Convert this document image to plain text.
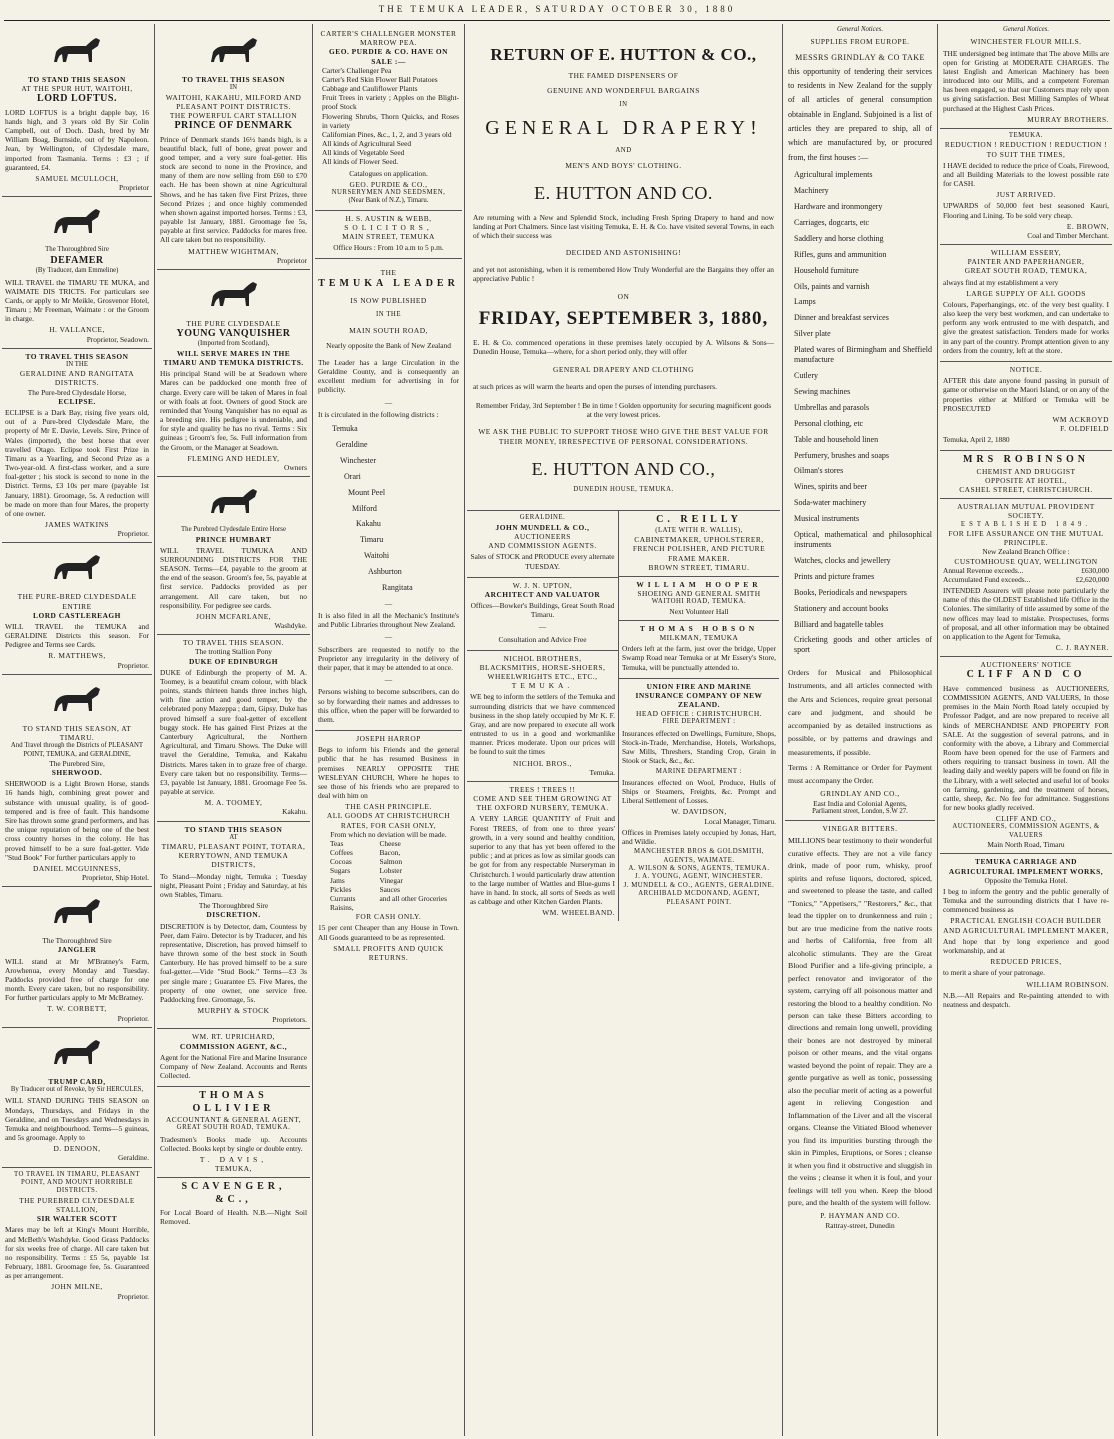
THE TEMUKA LEADER, SATURDAY OCTOBER 30, 1880
TO STAND THIS SEASON
AT THE SPUR HUT, WAITOHI,
LORD LOFTUS.
LORD LOFTUS is a bright dapple bay, 16 hands high, and 3 years old By Sir Colin Campbell, out of Doch. Dash, bred by Mr William Boag, Burnside, out of by Napoleon. Jean, by Wellington, of Clydesdale mare, imported from Tasmania. Terms : £3 ; if guaranteed, £4.
SAMUEL MCULLOCH,
Proprietor
The Thoroughbred Sire
DEFAMER
(By Traducer, dam Emmeline)
WILL TRAVEL the TIMARU TE MUKA, and WAIMATE DIS TRICTS. For particulars see Cards, or apply to Mr Meikle, Grosvenor Hotel, Timaru ; Mr Freeman, Waimate : or the Groom in charge.
H. VALLANCE,
Proprietor, Seadown.
TO TRAVEL THIS SEASON
IN THE
GERALDINE AND RANGITATA DISTRICTS.
The Pure-bred Clydesdale Horse,
ECLIPSE.
ECLIPSE is a Dark Bay, rising five years old, out of a Pure-bred Clydesdale Mare, the property of Mr E. Davie, Levels. Sire, Prince of Wales (imported), the best horse that ever travelled Otago. Eclipse took First Prize in Timaru as a Yearling, and Second Prize as a Two-year-old. A first-class worker, and a sure foal-getter ; his stock is second to none in the District. Terms, £3 10s per mare (payable 1st January, 1881). Groomage, 5s. A reduction will be made on more than four Mares, the property of one owner.
JAMES WATKINS
Proprietor.
THE PURE-BRED CLYDESDALE ENTIRE
LORD CASTLEREAGH
WILL TRAVEL the TEMUKA and GERALDINE Districts this season. For Pedigree and Terms see Cards.
R. MATTHEWS,
Proprietor.
TO STAND THIS SEASON, AT TIMARU.
And Travel through the Districts of PLEASANT POINT, TEMUKA, and GERALDINE,
The Purebred Sire,
SHERWOOD.
SHERWOOD is a Light Brown Horse, stands 16 hands high, combining great power and substance with unusual quality, is of good-tempered and is free of fault. This handsome Sire has thrown some grand performers, and has the unique reputation of being one of the best cross country horses in the colony. He has proved himself to be a sure foal-getter. Vide "Stud Book" For further particulars apply to
DANIEL MCGUINNESS,
Proprietor, Ship Hotel.
The Thoroughbred Sire
JANGLER
WILL stand at Mr M'Bratney's Farm, Arowhenua, every Monday and Tuesday. Paddocks provided free of charge for one month. Every care taken, but no responsibility. For further particulars apply to Mr McBratney.
T. W. CORBETT,
Proprietor.
TRUMP CARD,
By Traducer out of Revoke, by Sir HERCULES,
WILL STAND DURING THIS SEASON on Mondays, Thursdays, and Fridays in the Geraldine, and on Tuesdays and Wednesdays in Temuka and neighbourhood. Terms—5 guineas, and 5s groomage. Apply to
D. DENOON,
Geraldine.
TO TRAVEL IN TIMARU, PLEASANT POINT, AND MOUNT HORRIBLE DISTRICTS.
THE PUREBRED CLYDESDALE STALLION,
SIR WALTER SCOTT
Mares may be left at King's Mount Horrible, and McBeth's Washdyke. Good Grass Paddocks for six weeks free of charge. All care taken but no responsibility. Terms : £5 5s, payable 1st February, 1881. Groomage fee, 5s. Guaranteed as per arrangement.
JOHN MILNE,
Proprietor.
TO TRAVEL THIS SEASON
IN
WAITOHI, KAKAHU, MILFORD AND PLEASANT POINT DISTRICTS.
THE POWERFUL CART STALLION
PRINCE OF DENMARK
Prince of Denmark stands 16½ hands high, is a beautiful black, full of bone, great power and good temper, and a very sure foal-getter. His stock are second to none in the Province, and many of them are now selling from £60 to £70 each. He has been shown at nine Agricultural Shows, and he has taken five First Prizes, three Second Prizes ; and once highly commended when shown against imported horses. Terms : £3, payable 1st January, 1881. Groomage fee 5s, payable at first service. Paddocks for mares free. All care taken but no responsibility.
MATTHEW WIGHTMAN,
Proprietor
THE PURE CLYDESDALE
YOUNG VANQUISHER
(Imported from Scotland),
WILL SERVE MARES IN THE TIMARU AND TEMUKA DISTRICTS.
His principal Stand will be at Seadown where Mares can be paddocked one month free of charge. Every care will be taken of Mares in foal or with foals at foot. Owners of good Stock are reminded that Young Vanquisher has no equal as a breeding sire. His pedigree is undeniable, and for style and quality he has no rival. Terms : Six guineas ; Groom's fee, 5s. Full information from the Groom, or the Manager at Seadown.
FLEMING AND HEDLEY,
Owners
The Purebred Clydesdale Entire Horse
PRINCE HUMBART
WILL TRAVEL TUMUKA AND SURROUNDING DISTRICTS FOR THE SEASON. Terms—£4, payable to the groom at the end of the season. Groom's fee, 5s, payable at first service. Paddocks provided as per arrangement. All care taken, but no responsibility. For pedigree see cards.
JOHN MCFARLANE,
Washdyke.
TO TRAVEL THIS SEASON.
The trotting Stallion Pony
DUKE OF EDINBURGH
DUKE of Edinburgh the property of M. A. Toomey, is a beautiful cream colour, with black points, stands thirteen hands three inches high, with fine action and good temper, by the celebrated pony Mazeppa ; dam, Gipsy. Duke has proved himself a sure foal-getter of excellent buggy stock. He has gained First Prizes at the Canterbury Agricultural, the Northern Agricultural, and Timaru Shows. The Duke will travel the Geraldine, Temuka, and Kakahu Districts. Mares taken in to graze free of charge. Every care taken but no responsibility. Terms—£3, payable 1st January, 1881. Groomage Fee 5s. payable at service.
M. A. TOOMEY,
Kakahu.
TO STAND THIS SEASON
AT
TIMARU, PLEASANT POINT, TOTARA, KERRYTOWN, AND TEMUKA DISTRICTS,
To Stand—Monday night, Temuka ; Tuesday night, Pleasant Point ; Friday and Saturday, at his own Stables, Timaru.
The Thoroughbred Sire
DISCRETION.
DISCRETION is by Detector, dam, Countess by Peer, dam Fairo. Detector is by Traducer, and his representative, Discretion, has proved himself to have thrown some of the best stock in South Canterbury. He has proved himself to be a sure foal-getter.—Vide "Stud Book." Terms—£3 3s per single mare ; Guarantee £5. Five Mares, the property of one owner, one service free. Paddocking free. Groomage, 5s.
MURPHY & STOCK
Proprietors.
WM. RT. UPRICHARD,
COMMISSION AGENT, &C.,
Agent for the National Fire and Marine Insurance Company of New Zealand. Accounts and Rents Collected.
THOMAS OLLIVIER
ACCOUNTANT & GENERAL AGENT,
GREAT SOUTH ROAD, TEMUKA.
Tradesmen's Books made up. Accounts Collected. Books kept by single or double entry.
T. DAVIS,
TEMUKA,
SCAVENGER, &C.,
For Local Board of Health. N.B.—Night Soil Removed.
CARTER'S CHALLENGER MONSTER MARROW PEA.
GEO. PURDIE & CO. HAVE ON SALE :—
Carter's Challenger Pea
Carter's Red Skin Flower Ball Potatoes
Cabbage and Cauliflower Plants
Fruit Trees in variety ; Apples on the Blight-proof Stock
Flowering Shrubs, Thorn Quicks, and Roses in variety
Californian Pines, &c., 1, 2, and 3 years old
All kinds of Agricultural Seed
All kinds of Vegetable Seed
All kinds of Flower Seed.
Catalogues on application.
GEO. PURDIE & CO.,
NURSERYMEN AND SEEDSMEN,
(Near Bank of N.Z.), Timaru.
H. S. AUSTIN & WEBB,
SOLICITORS,
MAIN STREET, TEMUKA
Office Hours : From 10 a.m to 5 p.m.
THE
TEMUKA LEADER
IS NOW PUBLISHED
IN THE
MAIN SOUTH ROAD,
Nearly opposite the Bank of New Zealand
The Leader has a large Circulation in the Geraldine County, and is consequently an excellent medium for advertising in for publicity.
—
It is circulated in the following districts :
Temuka
Geraldine
Winchester
Orari
Mount Peel
Milford
Kakahu
Timaru
Waitohi
Ashburton
Rangitata
—
It is also filed in all the Mechanic's Institute's and Public Libraries throughout New Zealand.
—
Subscribers are requested to notify to the Proprietor any irregularity in the delivery of their paper, that it may be attended to at once.
—
Persons wishing to become subscribers, can do so by forwarding their names and addresses to this office, when the paper will be forwarded to them.
JOSEPH HARROP
Begs to inform his Friends and the general public that he has resumed Business in premises NEARLY OPPOSITE THE WESLEYAN CHURCH, Where he hopes to see those of his friends who are prepared to deal with him on
THE CASH PRINCIPLE.
ALL GOODS AT CHRISTCHURCH RATES, FOR CASH ONLY,
From which no deviation will be made.
Teas
Coffees
Cocoas
Sugars
Jams
Pickles
Currants
Raisins,
Cheese
Bacon,
Salmon
Lobster
Vinegar
Sauces
and all other Groceries
FOR CASH ONLY.
15 per cent Cheaper than any House in Town. All Goods guaranteed to be as represented.
SMALL PROFITS AND QUICK RETURNS.
RETURN OF E. HUTTON & CO.,
THE FAMED DISPENSERS OF
GENUINE AND WONDERFUL BARGAINS
IN
GENERAL DRAPERY!
AND
MEN'S AND BOYS' CLOTHING.
E. HUTTON AND CO.
Are returning with a New and Splendid Stock, including Fresh Spring Drapery to hand and now landing at Port Chalmers. Since last visiting Temuka, E. H. & Co. have visited several Towns, in each of which their success was
DECIDED AND ASTONISHING!
and yet not astonishing, when it is remembered How Truly Wonderful are the Bargains they offer an appreciative Public !
ON
FRIDAY, SEPTEMBER 3, 1880,
E. H. & Co. commenced operations in these premises lately occupied by A. Wilsons & Sons—Dunedin House, Temuka—where, for a short period only, they will offer
GENERAL DRAPERY AND CLOTHING
at such prices as will warm the hearts and open the purses of intending purchasers.
Remember Friday, 3rd September ! Be in time ! Golden opportunity for securing magnificent goods at the very lowest prices.
WE ASK THE PUBLIC TO SUPPORT THOSE WHO GIVE THE BEST VALUE FOR THEIR MONEY, IRRESPECTIVE OF PERSONAL CONSIDERATIONS.
E. HUTTON AND CO.,
DUNEDIN HOUSE, TEMUKA.
GERALDINE.
JOHN MUNDELL & CO.,
AUCTIONEERS
AND COMMISSION AGENTS.
Sales of STOCK and PRODUCE every alternate TUESDAY.
W. J. N. UPTON,
ARCHITECT AND VALUATOR
Offices—Bowker's Buildings, Great South Road Timaru.
—
Consultation and Advice Free
NICHOL BROTHERS,
BLACKSMITHS, HORSE-SHOERS, WHEELWRIGHTS ETC., ETC.,
TEMUKA.
WE beg to inform the settlers of the Temuka and surrounding districts that we have commenced business in the shop lately occupied by Mr K. F. Gray, and are now prepared to execute all work entrusted to us in a good and workmanlike manner. Prices moderate. Upon our prices will be found to suit the times
NICHOL BROS.,
Temuka.
TREES ! TREES !!
COME AND SEE THEM GROWING AT THE OXFORD NURSERY, TEMUKA.
A VERY LARGE QUANTITY of Fruit and Forest TREES, of from one to three years' growth, in a very sound and healthy condition, superior to any that has yet been offered to the public ; and at prices as low as similar goods can be got for from any respectable Nurseryman in Christchurch. I would particularly draw attention to the large number of Wattles and Blue-gums I have in hand. In stock, all sorts of Seeds as well as cabbage and other Kitchen Garden Plants.
WM. WHEELBAND.
C. REILLY
(LATE WITH R. WALLIS),
CABINETMAKER, UPHOLSTERER,
FRENCH POLISHER, AND PICTURE
FRAME MAKER.
BROWN STREET, TIMARU.
WILLIAM HOOPER
SHOEING AND GENERAL SMITH
WAITOHI ROAD, TEMUKA.
Next Volunteer Hall
THOMAS HOBSON
MILKMAN, TEMUKA
Orders left at the farm, just over the bridge, Upper Swamp Road near Temuka or at Mr Essery's Store, Temuka, will be punctually attended to.
UNION FIRE AND MARINE INSURANCE COMPANY OF NEW ZEALAND.
HEAD OFFICE : CHRISTCHURCH.
FIRE DEPARTMENT :
Insurances effected on Dwellings, Furniture, Shops, Stock-in-Trade, Merchandise, Hotels, Workshops, Saw Mills, Threshers, Standing Crop, Grain in Stook or Stack, &c., &c.
MARINE DEPARTMENT :
Insurances effected on Wool, Produce, Hulls of Ships or Steamers, Freights, &c. Prompt and Liberal Settlement of Losses.
W. DAVIDSON,
Local Manager, Timaru.
Offices in Premises lately occupied by Jonas, Hart, and Wildie.
MANCHESTER BROS & GOLDSMITH, AGENTS, WAIMATE.
A. WILSON & SONS, AGENTS, TEMUKA.
J. A. YOUNG, AGENT, WINCHESTER.
J. MUNDELL & CO., AGENTS, GERALDINE.
ARCHIBALD MCDONAND, AGENT, PLEASANT POINT.
General Notices.
SUPPLIES FROM EUROPE.
MESSRS GRINDLAY & CO TAKE
this opportunity of tendering their services to residents in New Zealand for the supply of all articles of general consumption obtainable in England. Subjoined is a list of articles they are prepared to ship, all of which are manufactured by, or procured from, the first houses :—
Agricultural implements
Machinery
Hardware and ironmongery
Carriages, dogcarts, etc
Saddlery and horse clothing
Rifles, guns and ammunition
Household furniture
Oils, paints and varnish
Lamps
Dinner and breakfast services
Silver plate
Plated wares of Birmingham and Sheffield manufacture
Cutlery
Sewing machines
Umbrellas and parasols
Personal clothing, etc
Table and household linen
Perfumery, brushes and soaps
Oilman's stores
Wines, spirits and beer
Soda-water machinery
Musical instruments
Optical, mathematical and philosophical instruments
Watches, clocks and jewellery
Prints and picture frames
Books, Periodicals and newspapers
Stationery and account books
Billiard and bagatelle tables
Cricketing goods and other articles of sport
Orders for Musical and Philosophical Instruments, and all articles connected with the Arts and Sciences, require great personal care and judgment, and should be accompanied by as detailed instructions as possible, or by patterns and drawings and measurements, if possible.
Terms : A Remittance or Order for Payment must accompany the Order.
GRINDLAY AND CO.,
East India and Colonial Agents,
Parliament street, London, S.W 27.
VINEGAR BITTERS.
MILLIONS bear testimony to their wonderful curative effects. They are not a vile fancy drink, made of poor rum, whisky, proof spirits and refuse liquors, doctored, spiced, and sweetened to please the taste, and called "Tonics," "Appetisers," "Restorers," &c., that lead the tippler on to drunkenness and ruin ; but are true medicine from the native roots and herbs of California, free from all alcoholic stimulants. They are the Great Blood Purifier and a life-giving principle, a perfect renovator and invigorator of the system, carrying off all poisonous matter and restoring the blood to a healthy condition. No person can take these Bitters according to directions and remain long unwell, providing their bones are not destroyed by mineral poison or other means, and the vital organs wasted beyond the point of repair. They are a gentle purgative as well as tonic, possessing also the peculiar merit of acting as a powerful agent in relieving Congestion and Inflammation of the Liver and all the visceral organs. Cleanse the Vitiated Blood whenever you find its impurities bursting through the skin in Pimples, Eruptions, or Sores ; cleanse it when you find it obstructive and sluggish in the veins ; cleanse it when it is foul, and your feelings will tell you when. Keep the blood pure, and the health of the system will follow.
P. HAYMAN AND CO.
Rattray-street, Dunedin
General Notices.
WINCHESTER FLOUR MILLS.
THE undersigned beg intimate that The above Mills are open for Gristing at MODERATE CHARGES. The latest English and American Machinery has been introduced into our Mills, and a competent Foreman has been engaged, so that our Customers may rely upon us giving satisfaction. Best Milling Samples of Wheat purchased at the Highest Cash Prices.
MURRAY BROTHERS.
TEMUKA.
REDUCTION ! REDUCTION ! REDUCTION !
TO SUIT THE TIMES,
I HAVE decided to reduce the price of Coals, Firewood, and all Building Materials to the lowest possible rate for CASH.
JUST ARRIVED.
UPWARDS of 50,000 feet best seasoned Kauri, Flooring and Lining. To be sold very cheap.
E. BROWN,
Coal and Timber Merchant.
WILLIAM ESSERY,
PAINTER AND PAPERHANGER,
GREAT SOUTH ROAD, TEMUKA,
always find at my establishment a very
LARGE SUPPLY OF ALL GOODS
Colours, Paperhangings, etc. of the very best quality. I also keep the very best workmen, and can undertake to perform any work entrusted to me with despatch, and give the greatest satisfaction. Tenders made for works in any part of the country. Prompt attention given to any orders from the country, left at the store.
NOTICE.
AFTER this date anyone found passing in pursuit of game or otherwise on the Maori Island, or on any of the properties either at Milford or Temuka will be PROSECUTED
WM ACKROYD
F. OLDFIELD
Temuka, April 2, 1880
MRS ROBINSON
CHEMIST AND DRUGGIST
OPPOSITE AT HOTEL,
CASHEL STREET, CHRISTCHURCH.
AUSTRALIAN MUTUAL PROVIDENT
SOCIETY.
ESTABLISHED 1849.
FOR LIFE ASSURANCE ON THE MUTUAL PRINCIPLE.
New Zealand Branch Office :
CUSTOMHOUSE QUAY, WELLINGTON
Annual Revenue exceeds...	£630,000
Accumulated Fund exceeds...	£2,620,000
INTENDED Assurers will please note particularly the name of this the OLDEST Established life Office in the Colonies. The similarity of title assumed by some of the new offices may lead to mistake. Prospectuses, forms of proposal, and all other information may be obtained on application to the Agent for Temuka,
C. J. RAYNER.
AUCTIONEERS' NOTICE
CLIFF AND CO
Have commenced business as AUCTIONEERS, COMMISSION AGENTS, AND VALUERS, In those premises in the Main North Road lately occupied by Professor Padget, and are now prepared to receive all kinds of MERCHANDISE AND PROPERTY FOR SALE. At the suggestion of several patrons, and in conformity with the above, a Library and Commercial Room have been opened for the use of Farmers and others requiring to transact business in town. All the leading daily and weekly papers will be found on file in the Library, with a well selected and useful lot of books on farming, gardening, and the treatment of horses, cattle, sheep, &c. No fee for admittance. Suggestions for new books gladly received.
CLIFF AND CO.,
AUCTIONEERS, COMMISSION AGENTS, & VALUERS
Main North Road, Timaru
TEMUKA CARRIAGE AND AGRICULTURAL IMPLEMENT WORKS,
Opposite the Temuka Hotel.
I beg to inform the gentry and the public generally of Temuka and the surrounding districts that I have re-commenced business as
PRACTICAL ENGLISH COACH BUILDER AND AGRICULTURAL IMPLEMENT MAKER,
And hope that by long experience and good workmanship, and at
REDUCED PRICES,
to merit a share of your patronage.
WILLIAM ROBINSON.
N.B.—All Repairs and Re-painting attended to with neatness and despatch.
